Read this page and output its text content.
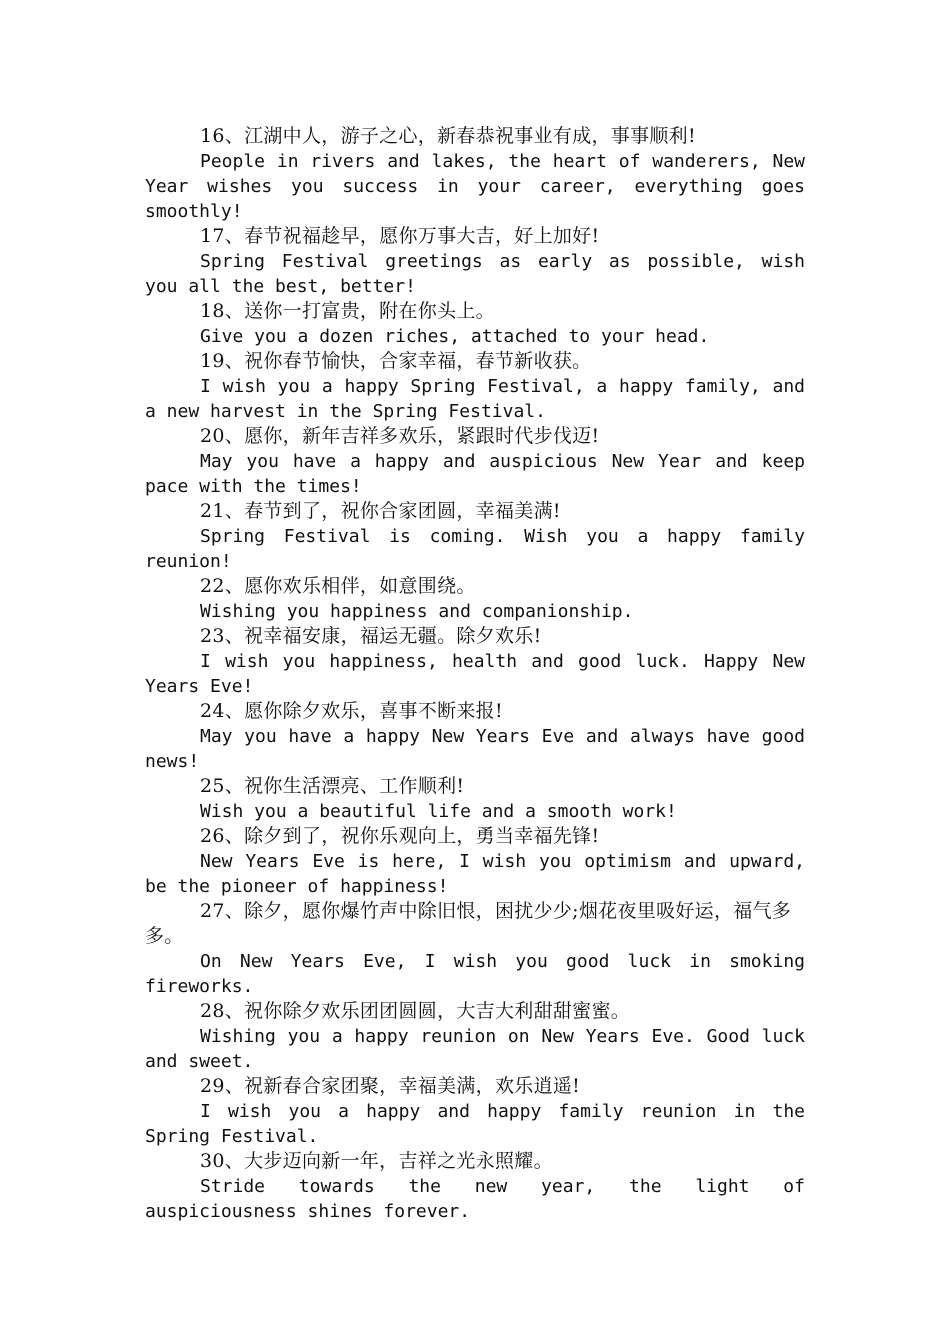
16、江湖中人，游子之心，新春恭祝事业有成，事事顺利!
People in rivers and lakes, the heart of wanderers, New Year wishes you success in your career, everything goes smoothly!
17、春节祝福趁早，愿你万事大吉，好上加好!
Spring Festival greetings as early as possible, wish you all the best, better!
18、送你一打富贵，附在你头上。
Give you a dozen riches, attached to your head.
19、祝你春节愉快，合家幸福，春节新收获。
I wish you a happy Spring Festival, a happy family, and a new harvest in the Spring Festival.
20、愿你，新年吉祥多欢乐，紧跟时代步伐迈!
May you have a happy and auspicious New Year and keep pace with the times!
21、春节到了，祝你合家团圆，幸福美满!
Spring Festival is coming. Wish you a happy family reunion!
22、愿你欢乐相伴，如意围绕。
Wishing you happiness and companionship.
23、祝幸福安康，福运无疆。除夕欢乐!
I wish you happiness, health and good luck. Happy New Years Eve!
24、愿你除夕欢乐，喜事不断来报!
May you have a happy New Years Eve and always have good news!
25、祝你生活漂亮、工作顺利!
Wish you a beautiful life and a smooth work!
26、除夕到了，祝你乐观向上，勇当幸福先锋!
New Years Eve is here, I wish you optimism and upward, be the pioneer of happiness!
27、除夕，愿你爆竹声中除旧恨，困扰少少;烟花夜里吸好运，福气多多。
On New Years Eve, I wish you good luck in smoking fireworks.
28、祝你除夕欢乐团团圆圆，大吉大利甜甜蜜蜜。
Wishing you a happy reunion on New Years Eve. Good luck and sweet.
29、祝新春合家团聚，幸福美满，欢乐逍遥!
I wish you a happy and happy family reunion in the Spring Festival.
30、大步迈向新一年，吉祥之光永照耀。
Stride towards the new year, the light of auspiciousness shines forever.
